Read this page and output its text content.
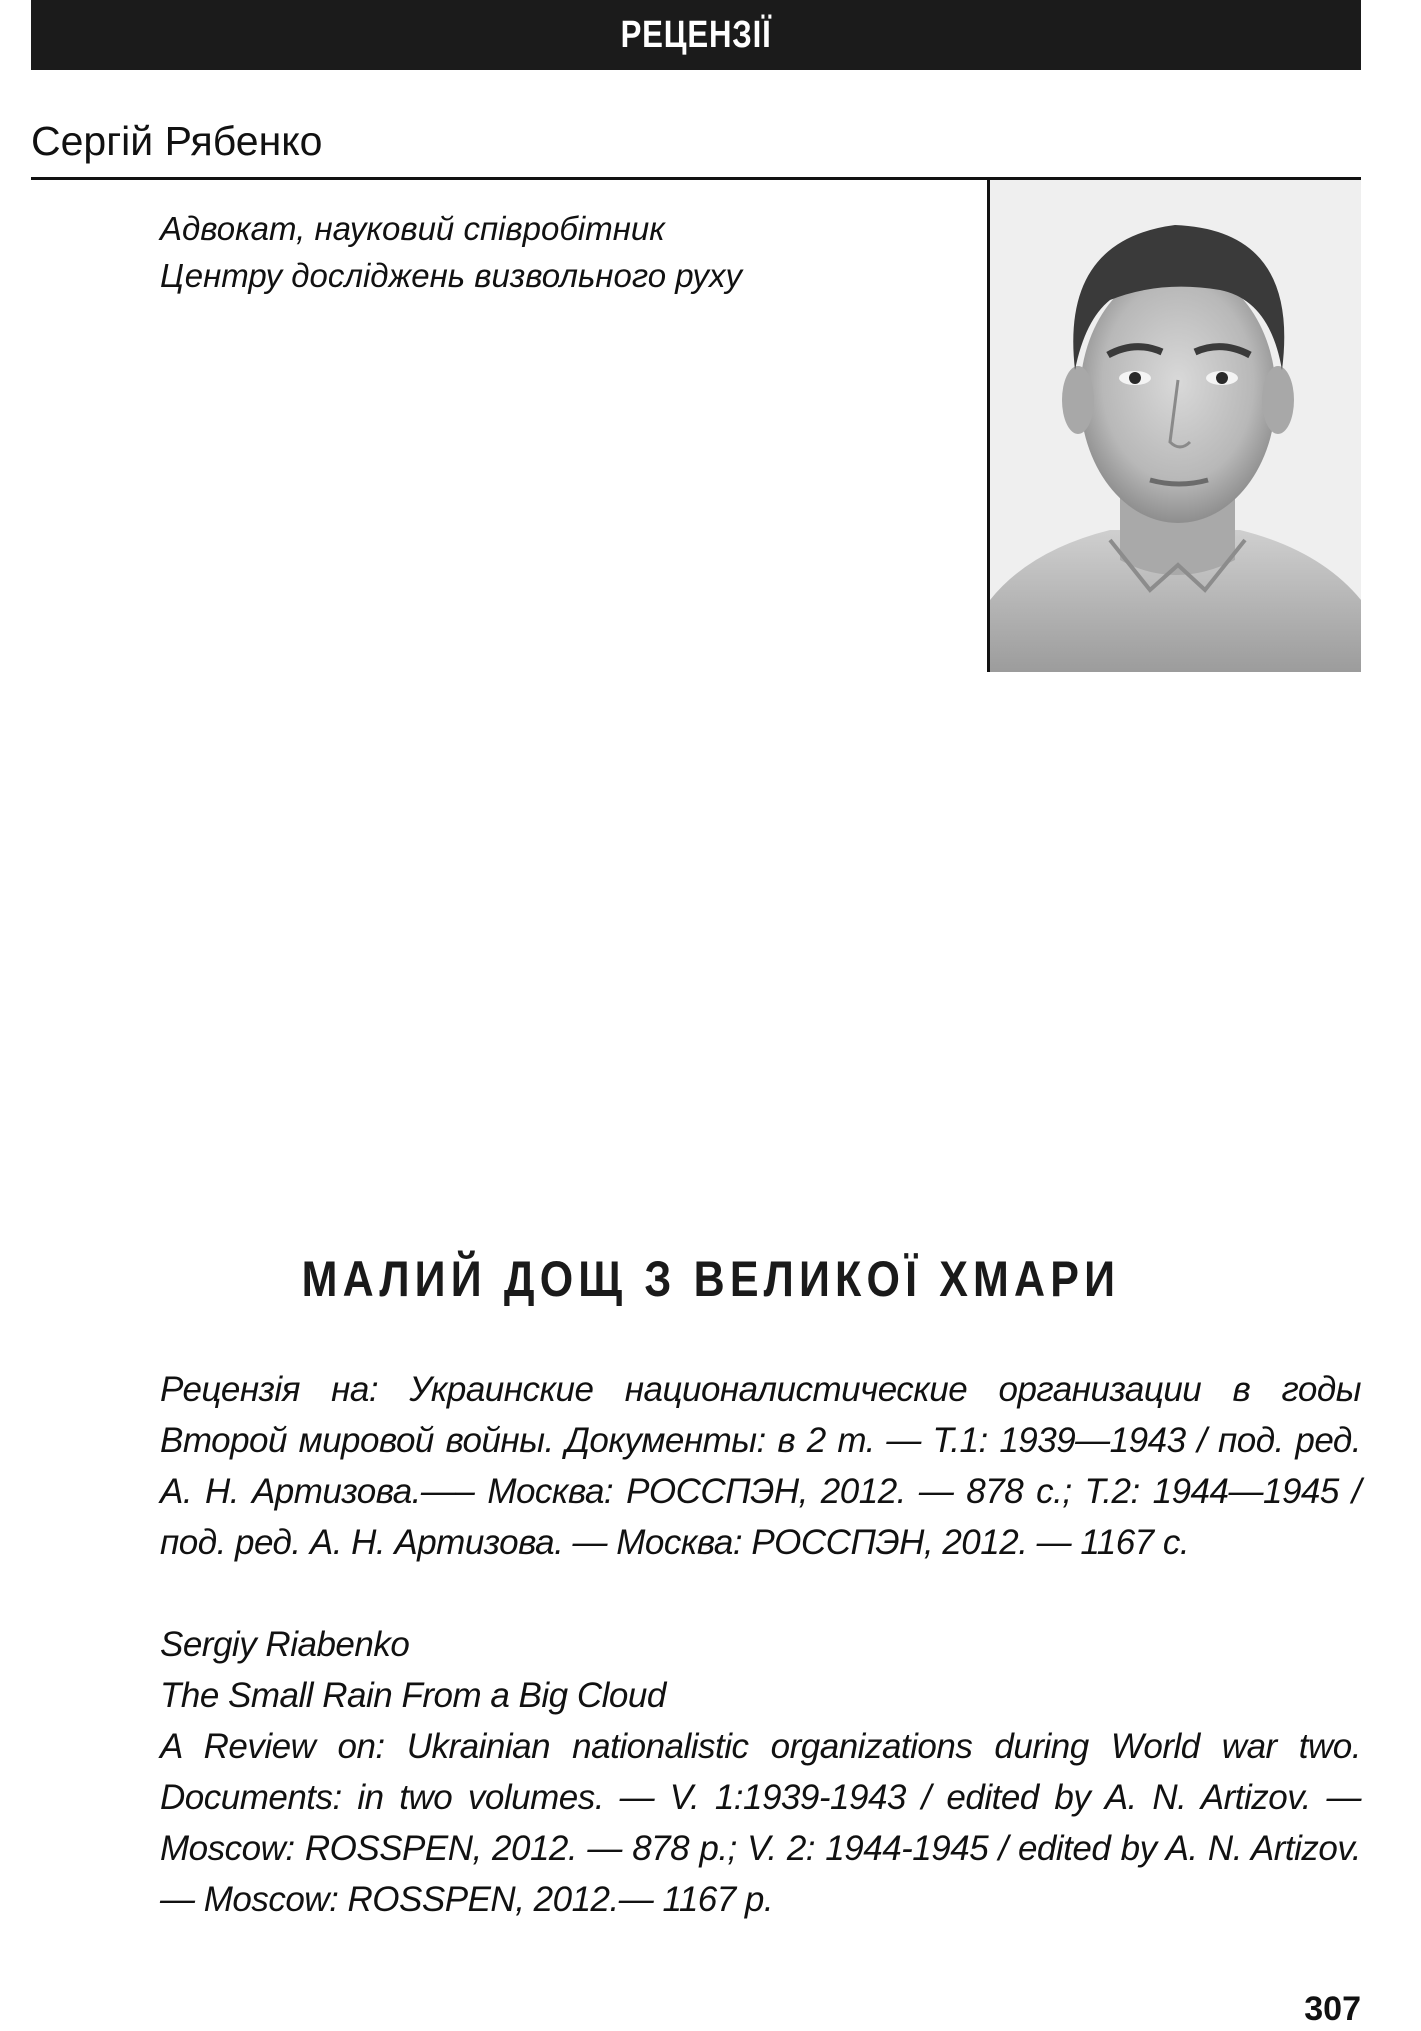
РЕЦЕНЗІЇ
Сергій Рябенко
Адвокат, науковий співробітник
Центру досліджень визвольного руху
МАЛИЙ ДОЩ З ВЕЛИКОЇ ХМАРИ
Рецензія на: Украинские националистические организации в годы Второй мировой войны. Документы: в 2 т. — Т.1: 1939—1943 / под. ред. А. Н. Артизова.—– Москва: РОССПЭН, 2012. — 878 с.; Т.2: 1944—1945 / под. ред. А. Н. Артизова. — Москва: РОССПЭН, 2012. — 1167 с.
Sergiy Riabenko
The Small Rain From a Big Cloud
A Review on: Ukrainian nationalistic organizations during World war two. Documents: in two volumes. — V. 1:1939-1943 / edited by A. N. Artizov. — Moscow: ROSSPEN, 2012. — 878 p.; V. 2: 1944-1945 / edited by A. N. Artizov. — Moscow: ROSSPEN, 2012.— 1167 p.
307
